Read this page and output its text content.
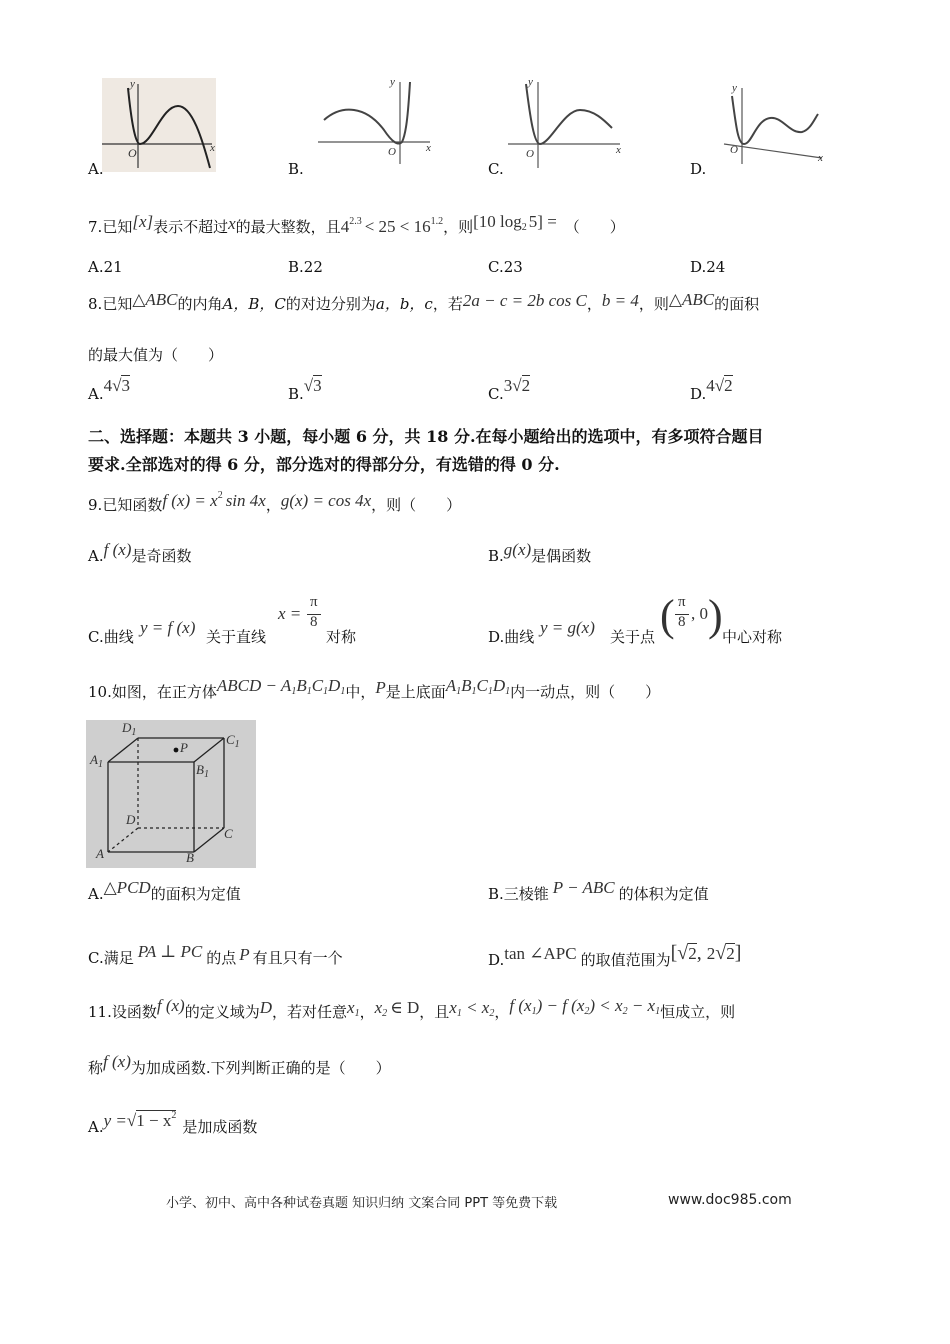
y
x
O
A.
y
x
O
B.
y
x
O
C.
y
x
O
D.
7.已知[x]表示不超过x的最大整数，且$4^{2.3} < 25 < 16^{1.2}$，则[10 $\log^2 5$] = （　　）
A.21	B.22	C.23	D.24
8.已知△ABC的内角A，B，C的对边分别为a，b，c，若2a − c = 2b cos C，b = 4，则△ABC的面积
的最大值为（　　）
A.4√3	B.√3	C.3√2	D.4√2
二、选择题：本题共 3 小题，每小题 6 分，共 18 分.在每小题给出的选项中，有多项符合题目
要求.全部选对的得 6 分，部分选对的得部分分，有选错的得 0 分.
9.已知函数f $(x) = x^2$ sin 4x，g(x) = cos 4x，则（　　）
A.f (x)是奇函数	B.g(x)是偶函数
C.曲线 y = f (x) 关于直线
x =
π
8
对称	D.曲线 y = g(x) 关于点 ( π
8 , 0 ) 中心对称
10.如图，在正方体ABCD − $A_1B_1C_1D_1$中，P是上底面$A_1B_1C_1D_1$内一动点，则（　　）
$D_1$	$C_1$
$A_1$	$B_1$
P
D
C
A	B
A.△PCD的面积为定值	B.三棱锥 P − ABC 的体积为定值
C.满足 PA ⊥ PC 的点 P 有且只有一个	D.tan ∠APC 的取值范围为[√2, 2√2]
11.设函数f (x)的定义域为D，若对任意$x_1$，$x_2$ ∈ D，且$x_1 < x_2$，f $(x_1) - f$ $(x_2) < x_2 - x_1$恒成立，则
称f (x)为加成函数.下列判断正确的是（　　）
$A.y =√1 - x^2$是加成函数
小学、初中、高中各种试卷真题 知识归纳 文案合同 PPT 等免费下载	www.doc985.com
